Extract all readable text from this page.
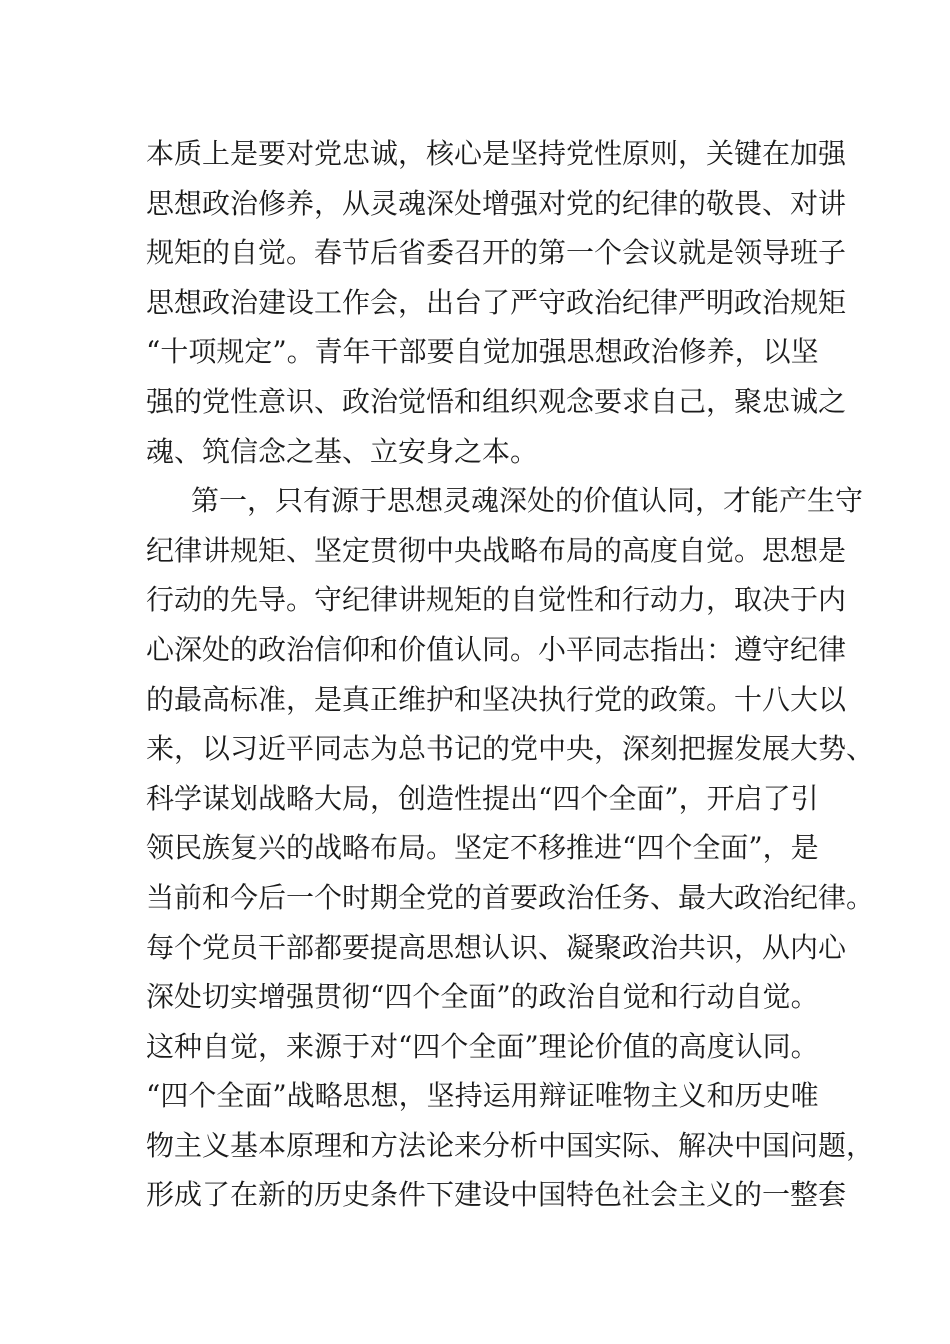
本质上是要对党忠诚，核心是坚持党性原则，关键在加强
思想政治修养，从灵魂深处增强对党的纪律的敬畏、对讲
规矩的自觉。春节后省委召开的第一个会议就是领导班子
思想政治建设工作会，出台了严守政治纪律严明政治规矩
“十项规定”。青年干部要自觉加强思想政治修养，以坚
强的党性意识、政治觉悟和组织观念要求自己，聚忠诚之
魂、筑信念之基、立安身之本。
第一，只有源于思想灵魂深处的价值认同，才能产生守
纪律讲规矩、坚定贯彻中央战略布局的高度自觉。思想是
行动的先导。守纪律讲规矩的自觉性和行动力，取决于内
心深处的政治信仰和价值认同。小平同志指出：遵守纪律
的最高标准，是真正维护和坚决执行党的政策。十八大以
来，以习近平同志为总书记的党中央，深刻把握发展大势、
科学谋划战略大局，创造性提出“四个全面”，开启了引
领民族复兴的战略布局。坚定不移推进“四个全面”，是
当前和今后一个时期全党的首要政治任务、最大政治纪律。
每个党员干部都要提高思想认识、凝聚政治共识，从内心
深处切实增强贯彻“四个全面”的政治自觉和行动自觉。
这种自觉，来源于对“四个全面”理论价值的高度认同。
“四个全面”战略思想，坚持运用辩证唯物主义和历史唯
物主义基本原理和方法论来分析中国实际、解决中国问题，
形成了在新的历史条件下建设中国特色社会主义的一整套
